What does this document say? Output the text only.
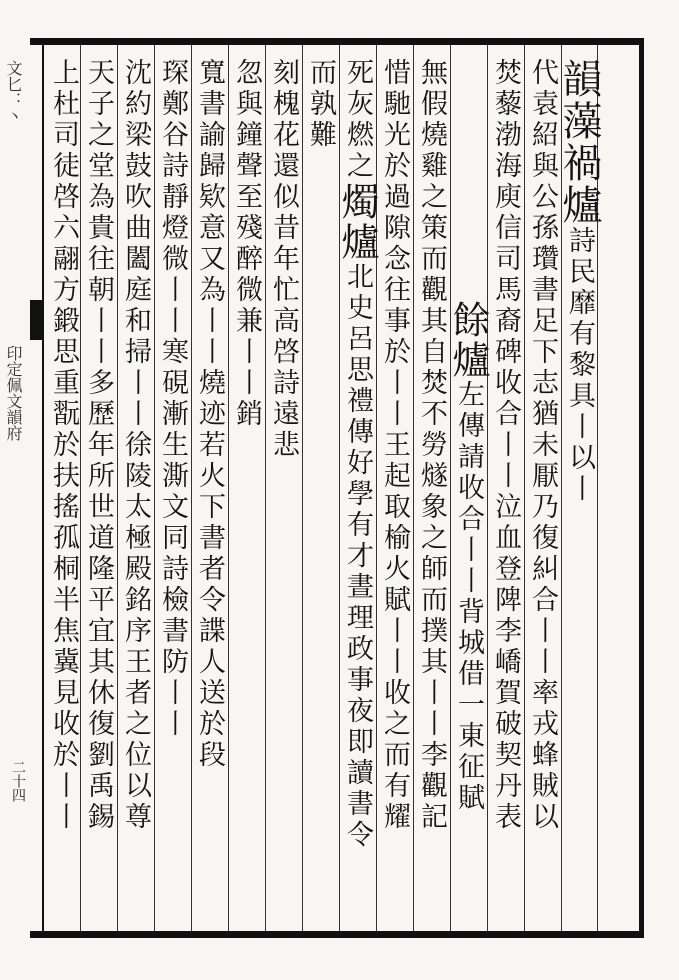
文匕：丶
印定佩文韻府
二十四
韻藻禍爐詩民靡有黎具丨以丨
代袁紹與公孫瓚書足下志猶未厭乃復糾合丨丨率戎蜂賊以
焚藜渤海庾信司馬裔碑收合丨丨泣血登陴李嶠賀破契丹表
餘爐左傳請收合丨丨背城借一東征賦
無假燒雞之策而觀其自焚不勞燧象之師而撲其丨丨李觀記
惜馳光於過隙念往事於丨丨王起取榆火賦丨丨收之而有耀
死灰燃之燭爐北史呂思禮傳好學有才晝理政事夜即讀書令
而孰難
刻槐花還似昔年忙高啓詩遠悲
忽與鐘聲至殘醉微兼丨丨銷
寬書諭歸欵意又為丨丨燒迹若火下書者令諜人送於段
琛鄭谷詩靜燈微丨丨寒硯漸生澌文同詩檢書防丨丨
沈約梁鼓吹曲闔庭和掃丨丨徐陵太極殿銘序王者之位以尊
天子之堂為貴往朝丨丨多歷年所世道隆平宜其休復劉禹錫
上杜司徒啓六翮方鍛思重翫於扶搖孤桐半焦冀見收於丨丨
